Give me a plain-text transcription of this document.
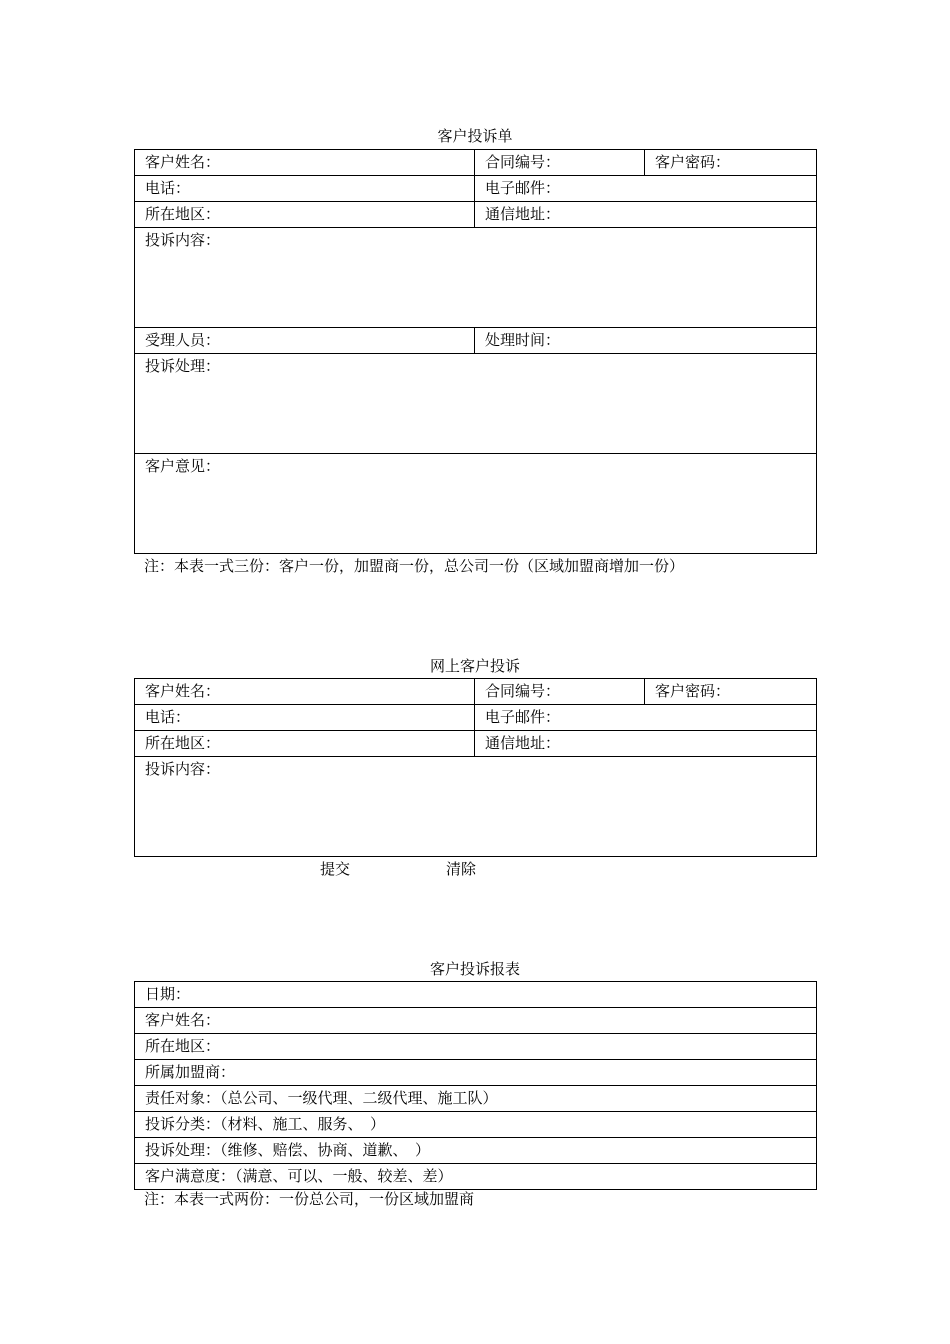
客户投诉单
客户姓名：	合同编号：	客户密码：
电话：	电子邮件：	
所在地区：	通信地址：	
投诉内容：		
受理人员：	处理时间：	
投诉处理：		
客户意见：		
注：本表一式三份：客户一份，加盟商一份，总公司一份（区域加盟商增加一份）
网上客户投诉
客户姓名：	合同编号：	客户密码：
电话：	电子邮件：	
所在地区：	通信地址：	
投诉内容：		
提交	清除
客户投诉报表
日期：
客户姓名：
所在地区：
所属加盟商：
责任对象：（总公司、一级代理、二级代理、施工队）
投诉分类：（材料、施工、服务、　）
投诉处理：（维修、赔偿、协商、道歉、　）
客户满意度：（满意、可以、一般、较差、差）
注：本表一式两份：一份总公司，一份区域加盟商
